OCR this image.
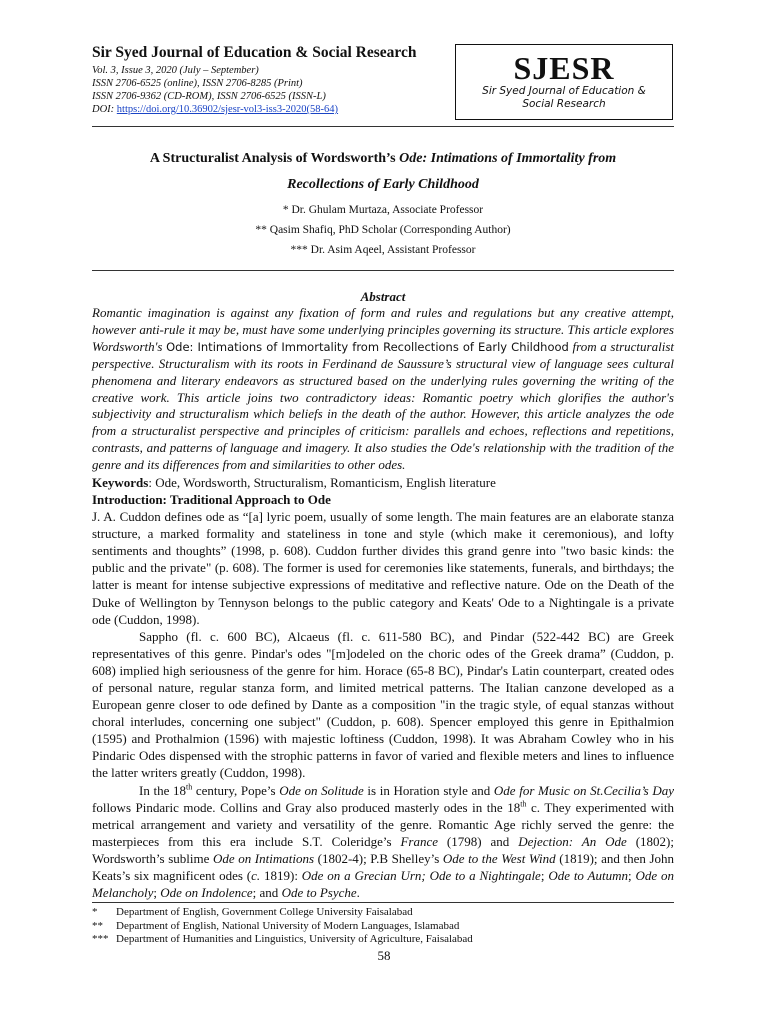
Sir Syed Journal of Education & Social Research

Vol. 3, Issue 3, 2020 (July – September)

ISSN 2706-6525 (online), ISSN 2706-8285 (Print)

ISSN 2706-9362 (CD-ROM), ISSN 2706-6525 (ISSN-L)

DOI: https://doi.org/10.36902/sjesr-vol3-iss3-2020(58-64)

SJESR
Sir Syed Journal of Education &
Social Research

A Structuralist Analysis of Wordsworth’s Ode: Intimations of Immortality from
Recollections of Early Childhood

* Dr. Ghulam Murtaza, Associate Professor

** Qasim Shafiq, PhD Scholar (Corresponding Author)

*** Dr. Asim Aqeel, Assistant Professor

Abstract

Romantic imagination is against any fixation of form and rules and regulations but any creative attempt, however anti-rule it may be, must have some underlying principles governing its structure. This article explores Wordsworth's Ode: Intimations of Immortality from Recollections of Early Childhood from a structuralist perspective. Structuralism with its roots in Ferdinand de Saussure’s structural view of language sees cultural phenomena and literary endeavors as structured based on the underlying rules governing the writing of the creative work. This article joins two contradictory ideas: Romantic poetry which glorifies the author's subjectivity and structuralism which beliefs in the death of the author. However, this article analyzes the ode from a structuralist perspective and principles of criticism: parallels and echoes, reflections and repetitions, contrasts, and patterns of language and imagery. It also studies the Ode's relationship with the tradition of the genre and its differences from and similarities to other odes.

Keywords: Ode, Wordsworth, Structuralism, Romanticism, English literature

Introduction: Traditional Approach to Ode

J. A. Cuddon defines ode as “[a] lyric poem, usually of some length. The main features are an elaborate stanza structure, a marked formality and stateliness in tone and style (which make it ceremonious), and lofty sentiments and thoughts” (1998, p. 608). Cuddon further divides this grand genre into "two basic kinds: the public and the private" (p. 608). The former is used for ceremonies like statements, funerals, and birthdays; the latter is meant for intense subjective expressions of meditative and reflective nature. Ode on the Death of the Duke of Wellington by Tennyson belongs to the public category and Keats' Ode to a Nightingale is a private ode (Cuddon, 1998).

Sappho (fl. c. 600 BC), Alcaeus (fl. c. 611-580 BC), and Pindar (522-442 BC) are Greek representatives of this genre. Pindar's odes "[m]odeled on the choric odes of the Greek drama” (Cuddon, p. 608) implied high seriousness of the genre for him. Horace (65-8 BC), Pindar's Latin counterpart, created odes of personal nature, regular stanza form, and limited metrical patterns. The Italian canzone developed as a European genre closer to ode defined by Dante as a composition "in the tragic style, of equal stanzas without choral interludes, concerning one subject" (Cuddon, p. 608). Spencer employed this genre in Epithalmion (1595) and Prothalmion (1596) with majestic loftiness (Cuddon, 1998). It was Abraham Cowley who in his Pindaric Odes dispensed with the strophic patterns in favor of varied and flexible meters and lines to influence the latter writers greatly (Cuddon, 1998).

In the 18th century, Pope’s Ode on Solitude is in Horation style and Ode for Music on St.Cecilia’s Day follows Pindaric mode. Collins and Gray also produced masterly odes in the 18th c. They experimented with metrical arrangement and variety and versatility of the genre. Romantic Age richly served the genre: the masterpieces from this era include S.T. Coleridge’s France (1798) and Dejection: An Ode (1802); Wordsworth’s sublime Ode on Intimations (1802-4); P.B Shelley’s Ode to the West Wind (1819); and then John Keats’s six magnificent odes (c. 1819): Ode on a Grecian Urn; Ode to a Nightingale; Ode to Autumn; Ode on Melancholy; Ode on Indolence; and Ode to Psyche.

*	Department of English, Government College University Faisalabad

**	Department of English, National University of Modern Languages, Islamabad

*** Department of Humanities and Linguistics, University of Agriculture, Faisalabad

58
